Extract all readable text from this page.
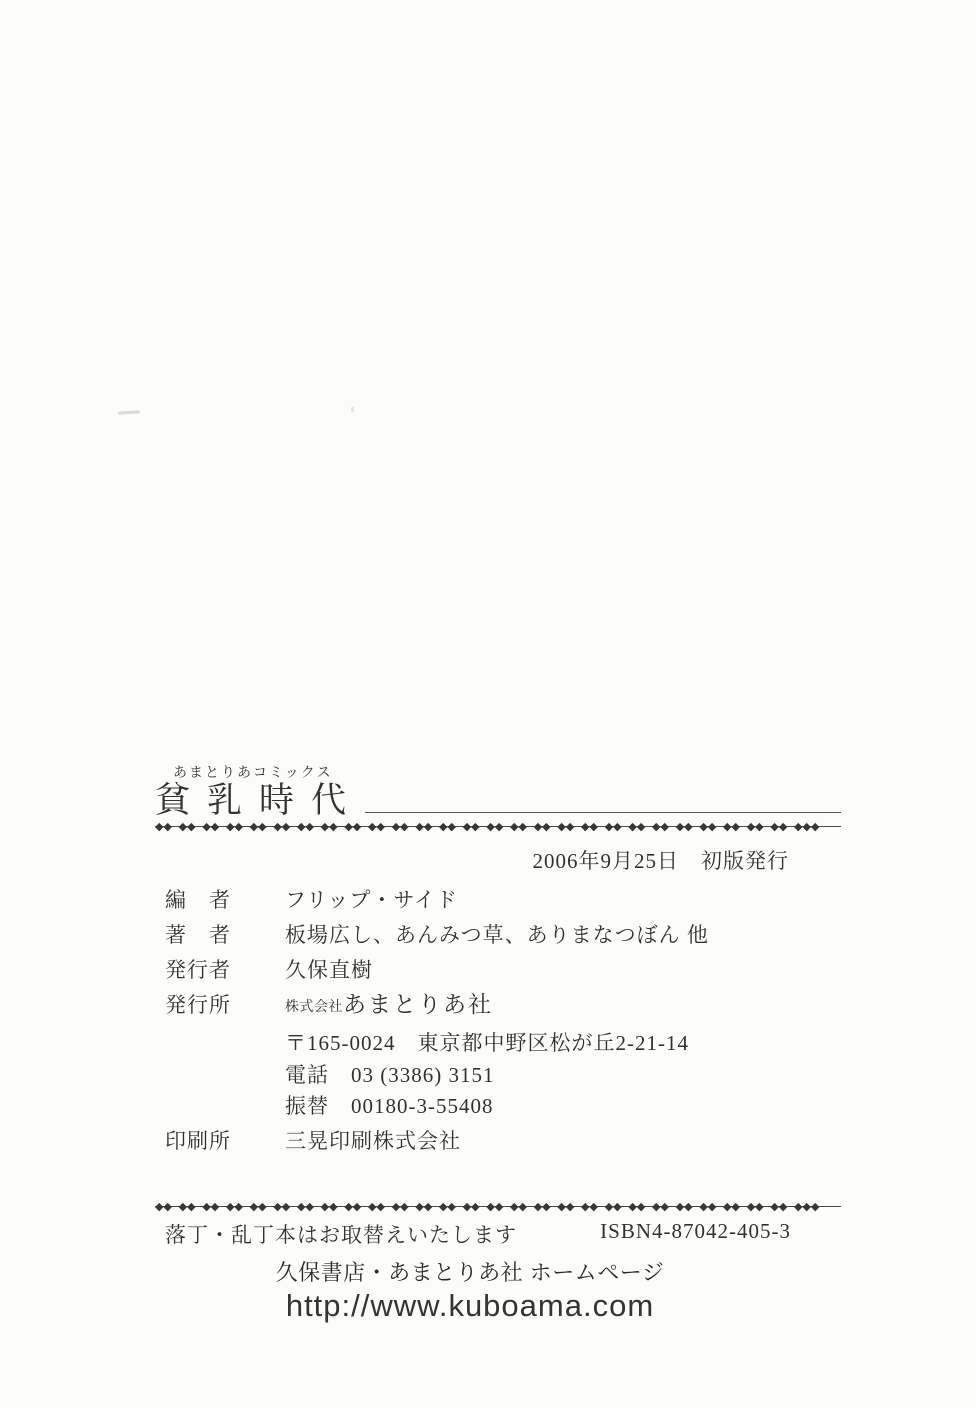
あまとりあコミックス
貧乳時代
◆◆ ◆◆ ◆◆ ◆◆ ◆◆ ◆◆ ◆◆ ◆◆ ◆◆ ◆◆ ◆◆ ◆◆ ◆◆ ◆◆ ◆◆ ◆◆ ◆◆ ◆◆ ◆◆ ◆◆ ◆◆ ◆◆ ◆◆ ◆◆ ◆◆ ◆◆ ◆◆ ◆◆◆
2006年9月25日　初版発行
編　者	フリップ・サイド
著　者	板場広し、あんみつ草、ありまなつぼん 他
発行者	久保直樹
発行所	株式会社あまとりあ社
〒165-0024　東京都中野区松が丘2-21-14
電話　03 (3386) 3151
振替　00180-3-55408
印刷所	三晃印刷株式会社
◆◆ ◆◆ ◆◆ ◆◆ ◆◆ ◆◆ ◆◆ ◆◆ ◆◆ ◆◆ ◆◆ ◆◆ ◆◆ ◆◆ ◆◆ ◆◆ ◆◆ ◆◆ ◆◆ ◆◆ ◆◆ ◆◆ ◆◆ ◆◆ ◆◆ ◆◆ ◆◆ ◆◆◆
落丁・乱丁本はお取替えいたします	ISBN4-87042-405-3
久保書店・あまとりあ社 ホームページ
http://www.kuboama.com
